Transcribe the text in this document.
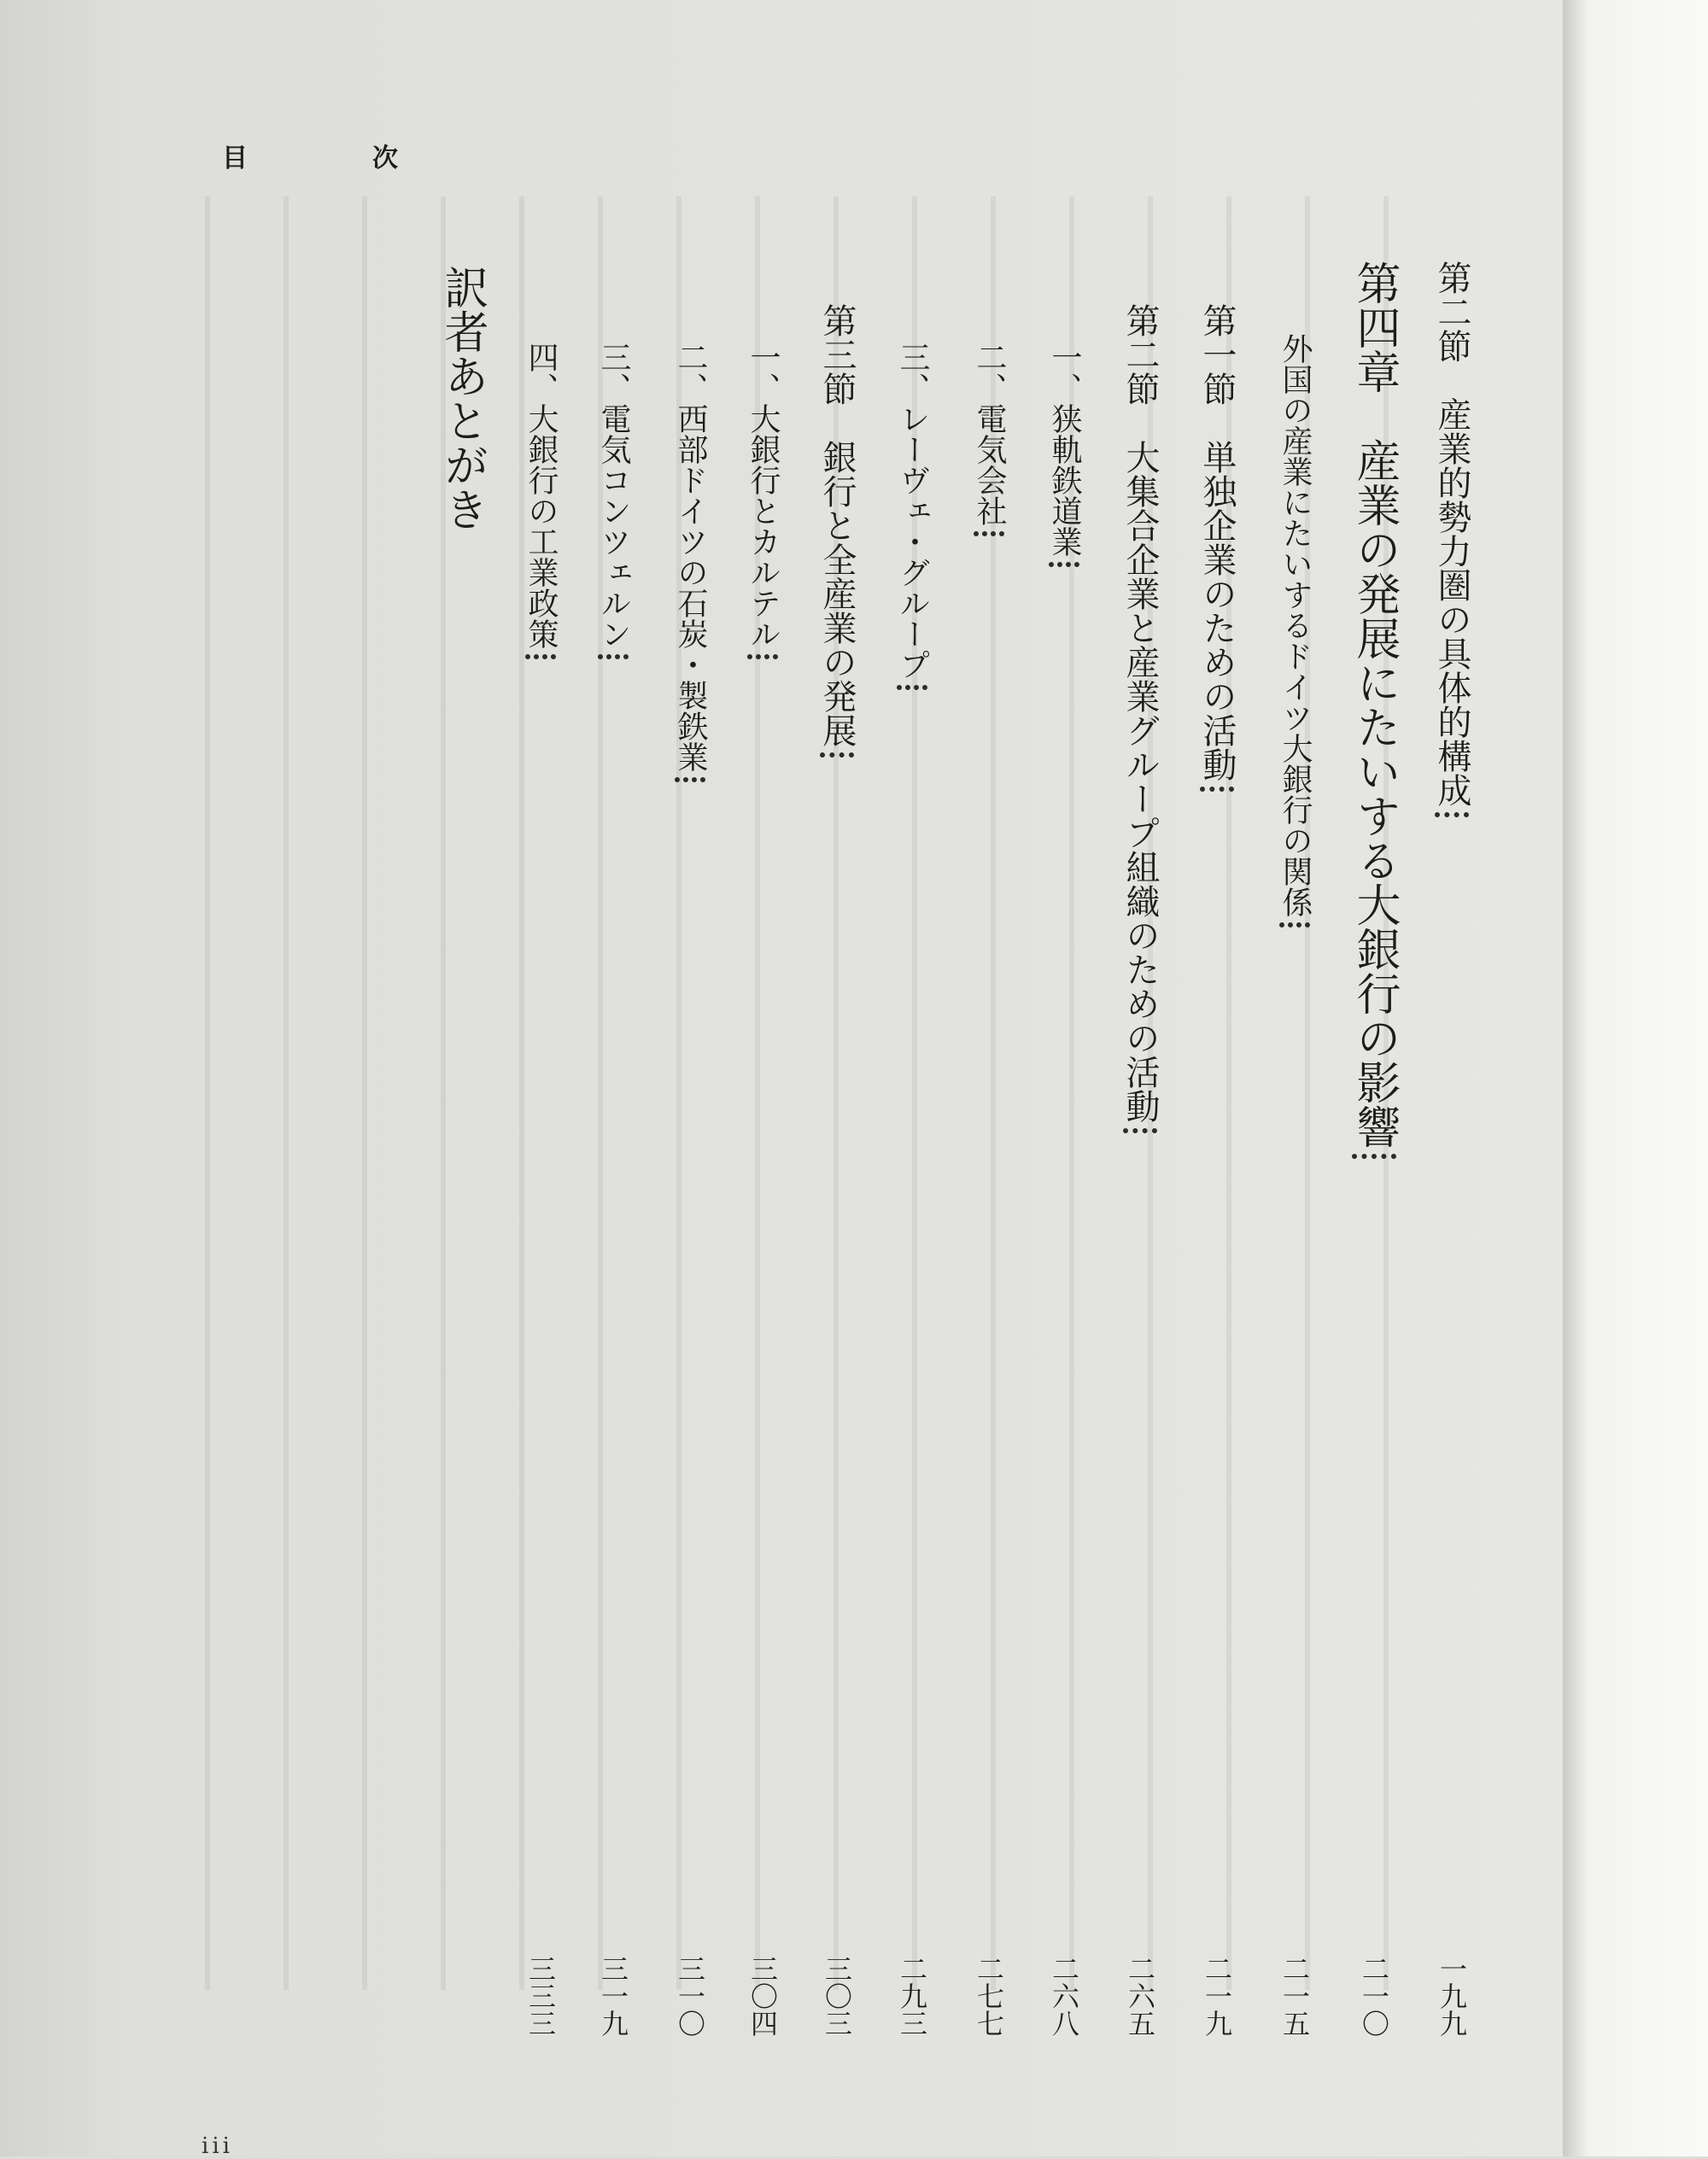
目　次
第二節　産業的勢力圏の具体的構成
一九九
第四章　産業の発展にたいする大銀行の影響
二一〇
外国の産業にたいするドイツ大銀行の関係
二一五
第一節　単独企業のための活動
二一九
第二節　大集合企業と産業グループ組織のための活動
二六五
一、狭軌鉄道業
二六八
二、電気会社
二七七
三、レーヴェ・グループ
二九三
第三節　銀行と全産業の発展
三〇三
一、大銀行とカルテル
三〇四
二、西部ドイツの石炭・製鉄業
三一〇
三、電気コンツェルン
三一九
四、大銀行の工業政策
三三三
訳者あとがき
iii
